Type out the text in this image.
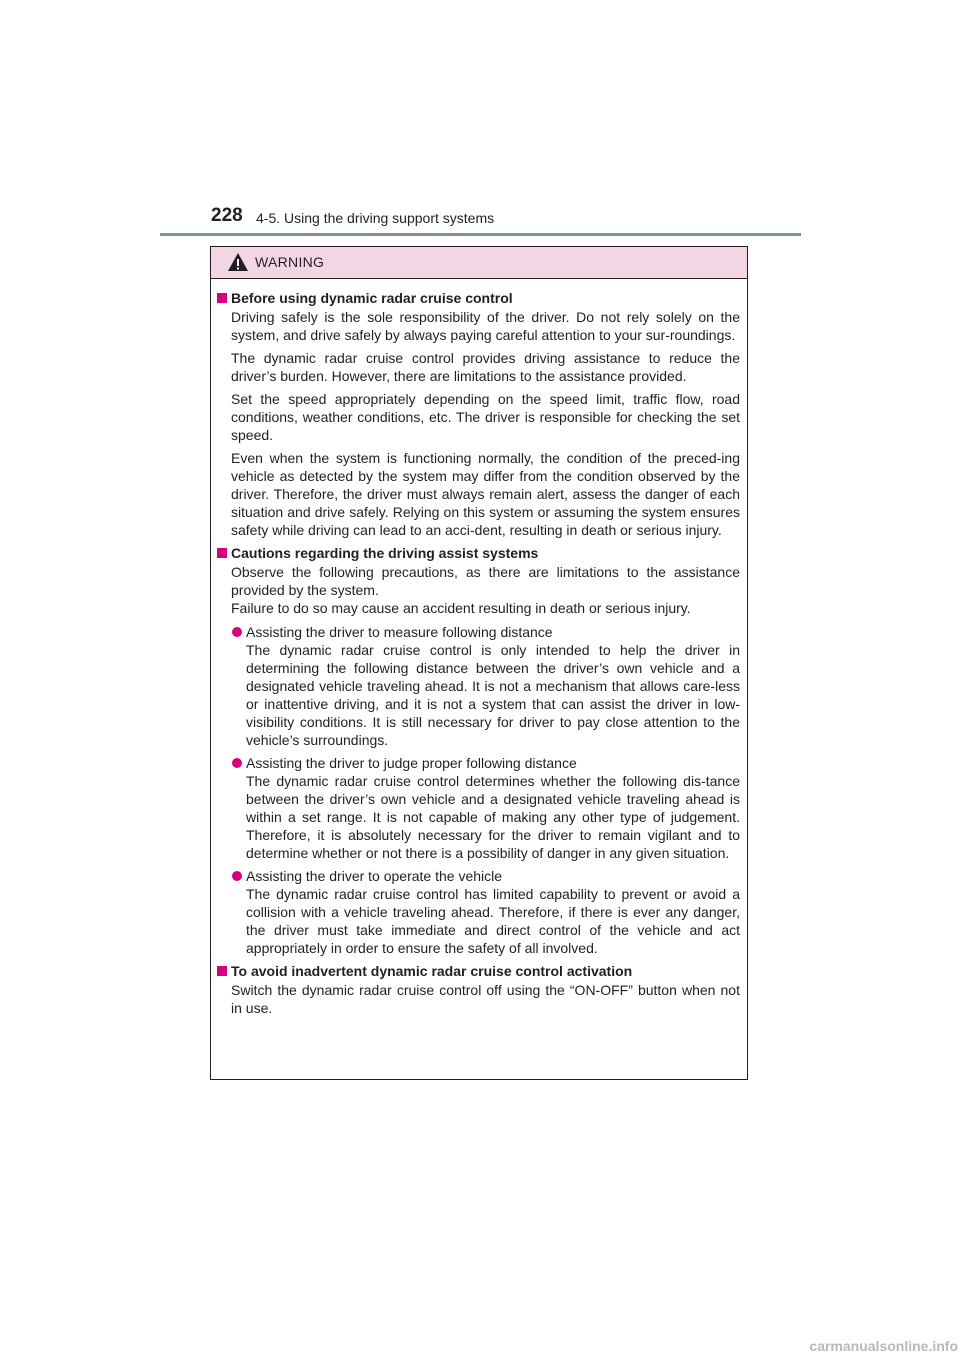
228 4-5. Using the driving support systems
WARNING
Before using dynamic radar cruise control
Driving safely is the sole responsibility of the driver. Do not rely solely on the system, and drive safely by always paying careful attention to your sur-roundings.
The dynamic radar cruise control provides driving assistance to reduce the driver’s burden. However, there are limitations to the assistance provided.
Set the speed appropriately depending on the speed limit, traffic flow, road conditions, weather conditions, etc. The driver is responsible for checking the set speed.
Even when the system is functioning normally, the condition of the preced-ing vehicle as detected by the system may differ from the condition observed by the driver. Therefore, the driver must always remain alert, assess the danger of each situation and drive safely. Relying on this system or assuming the system ensures safety while driving can lead to an acci-dent, resulting in death or serious injury.
Cautions regarding the driving assist systems
Observe the following precautions, as there are limitations to the assistance provided by the system.
Failure to do so may cause an accident resulting in death or serious injury.
Assisting the driver to measure following distance
The dynamic radar cruise control is only intended to help the driver in determining the following distance between the driver’s own vehicle and a designated vehicle traveling ahead. It is not a mechanism that allows care-less or inattentive driving, and it is not a system that can assist the driver in low-visibility conditions. It is still necessary for driver to pay close attention to the vehicle’s surroundings.
Assisting the driver to judge proper following distance
The dynamic radar cruise control determines whether the following dis-tance between the driver’s own vehicle and a designated vehicle traveling ahead is within a set range. It is not capable of making any other type of judgement. Therefore, it is absolutely necessary for the driver to remain vigilant and to determine whether or not there is a possibility of danger in any given situation.
Assisting the driver to operate the vehicle
The dynamic radar cruise control has limited capability to prevent or avoid a collision with a vehicle traveling ahead. Therefore, if there is ever any danger, the driver must take immediate and direct control of the vehicle and act appropriately in order to ensure the safety of all involved.
To avoid inadvertent dynamic radar cruise control activation
Switch the dynamic radar cruise control off using the “ON-OFF” button when not in use.
carmanualsonline.info
